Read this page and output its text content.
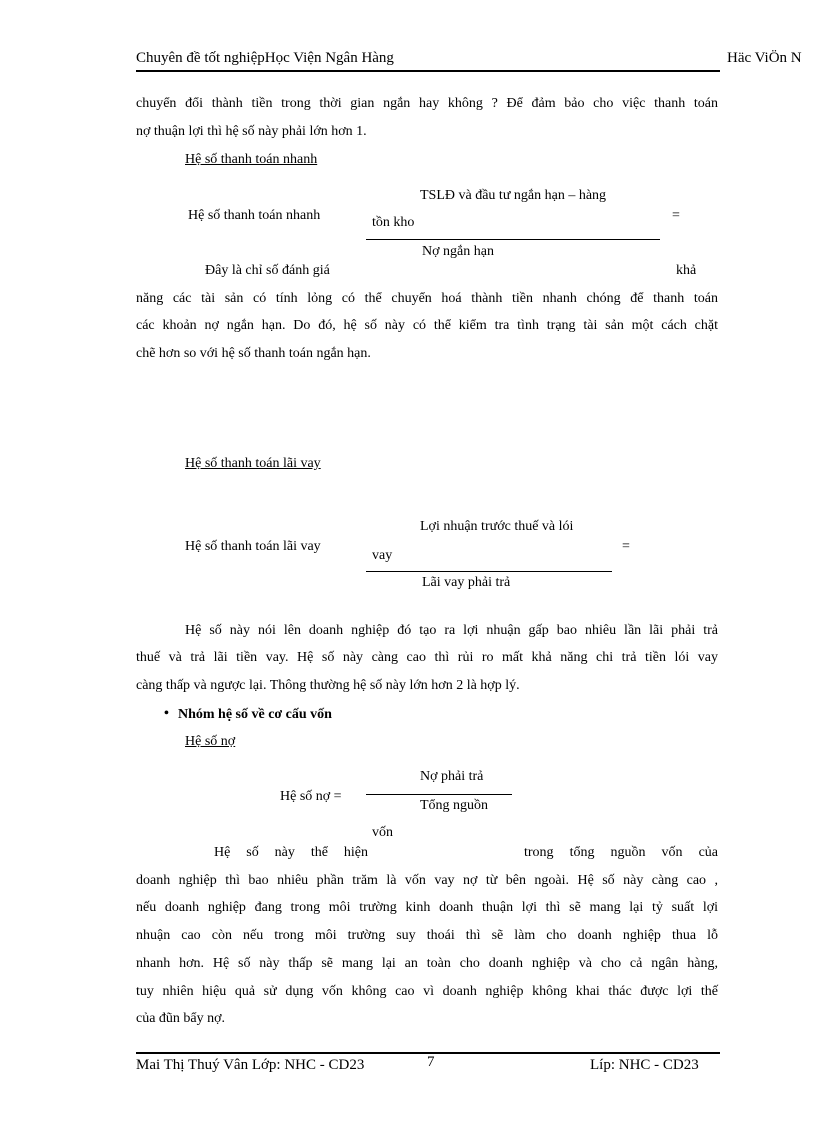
Chuyên đề tốt nghiệpHọc Viện Ngân Hàng	Häc ViÖn N
chuyển đổi thành tiền trong thời gian ngắn hay không ? Để đảm bảo cho việc thanh toán
nợ thuận lợi thì hệ số này phải lớn hơn 1.
Hệ số thanh toán nhanh
Hệ số thanh toán nhanh
TSLĐ và đầu tư ngắn hạn – hàng
tồn kho	=
Nợ ngắn hạn
Đây là chỉ số đánh giá	khả
năng các tài sản có tính lỏng có thể chuyển hoá thành tiền nhanh chóng để thanh toán
các khoản nợ ngắn hạn. Do đó, hệ số này có thể kiểm tra tình trạng tài sản một cách chặt
chẽ hơn so với hệ số thanh toán ngắn hạn.
Hệ số thanh toán lãi vay
Hệ số thanh toán lãi vay
Lợi nhuận trước thuế và lói
vay
=
Lãi vay phải trả
Hệ số này nói lên doanh nghiệp đó tạo ra lợi nhuận gấp bao nhiêu lần lãi phải trả
thuế và trả lãi tiền vay. Hệ số này càng cao thì rủi ro mất khả năng chi trả tiền lói vay
càng thấp và ngược lại. Thông thường hệ số này lớn hơn 2 là hợp lý.
• Nhóm hệ số về cơ cấu vốn
Hệ số nợ
Hệ số nợ =
Nợ phải trả
Tổng nguồn
vốn
Hệ số này thể hiện	trong tổng nguồn vốn của
doanh nghiệp thì bao nhiêu phần trăm là vốn vay nợ từ bên ngoài. Hệ số này càng cao ,
nếu doanh nghiệp đang trong môi trường kinh doanh thuận lợi thì sẽ mang lại tỷ suất lợi
nhuận cao còn nếu trong môi trường suy thoái thì sẽ làm cho doanh nghiệp thua lỗ
nhanh hơn. Hệ số này thấp sẽ mang lại an toàn cho doanh nghiệp và cho cả ngân hàng,
tuy nhiên hiệu quả sử dụng vốn không cao vì doanh nghiệp không khai thác được lợi thế
của đũn bẩy nợ.
Mai Thị Thuý Vân Lớp: NHC - CD23	7	Líp: NHC - CD23
